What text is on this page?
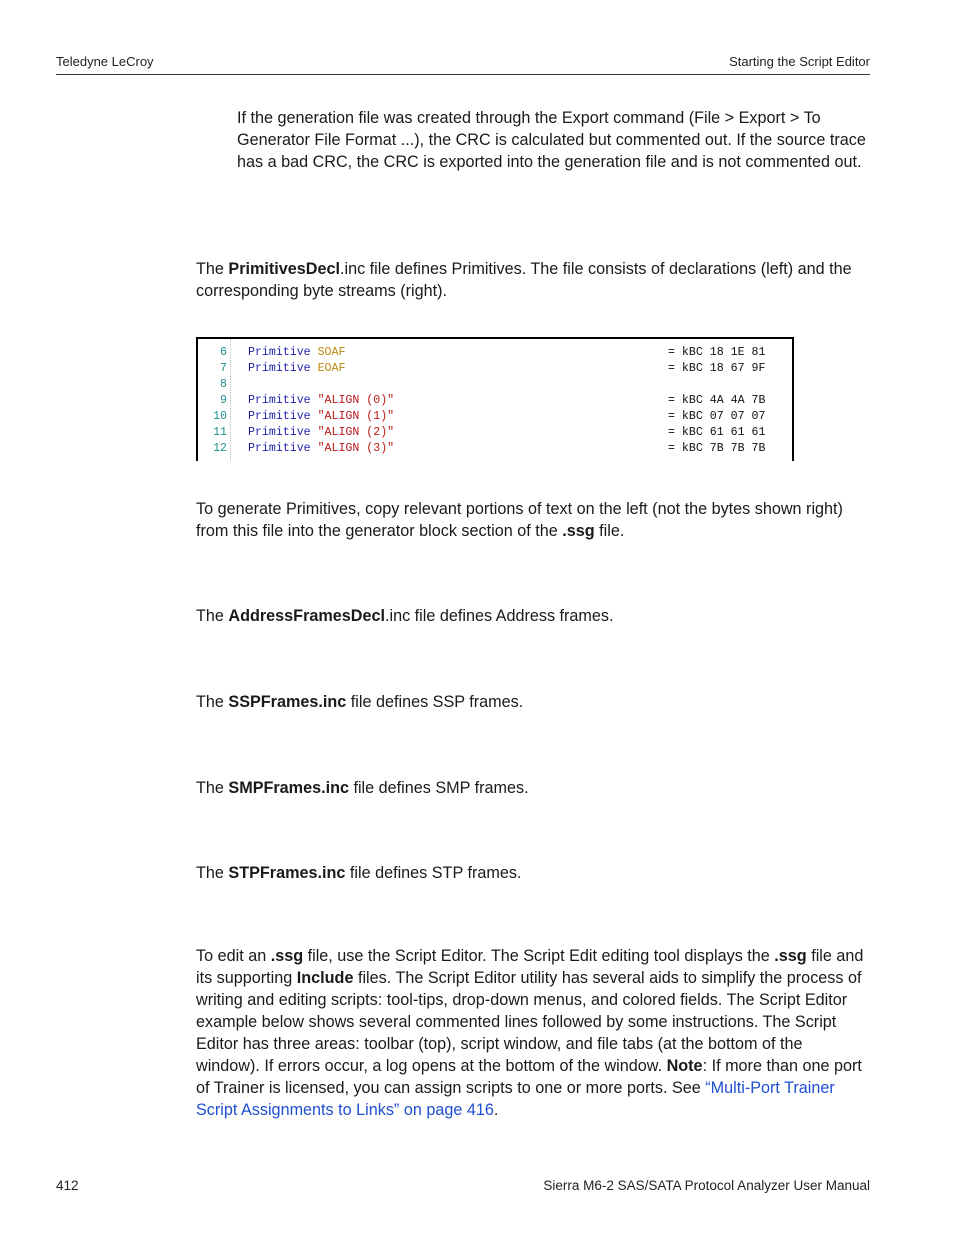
Teledyne LeCroy	Starting the Script Editor

If the generation file was created through the Export command (File > Export > To Generator File Format ...), the CRC is calculated but commented out. If the source trace has a bad CRC, the CRC is exported into the generation file and is not commented out.

The PrimitivesDecl.inc file defines Primitives. The file consists of declarations (left) and the corresponding byte streams (right).

6 Primitive SOAF	= kBC 18 1E 81
7 Primitive EOAF	= kBC 18 67 9F
8
9 Primitive "ALIGN (0)"	= kBC 4A 4A 7B
10 Primitive "ALIGN (1)"	= kBC 07 07 07
11 Primitive "ALIGN (2)"	= kBC 61 61 61
12 Primitive "ALIGN (3)"	= kBC 7B 7B 7B

To generate Primitives, copy relevant portions of text on the left (not the bytes shown right) from this file into the generator block section of the .ssg file.

The AddressFramesDecl.inc file defines Address frames.

The SSPFrames.inc file defines SSP frames.

The SMPFrames.inc file defines SMP frames.

The STPFrames.inc file defines STP frames.

To edit an .ssg file, use the Script Editor. The Script Edit editing tool displays the .ssg file and its supporting Include files. The Script Editor utility has several aids to simplify the process of writing and editing scripts: tool-tips, drop-down menus, and colored fields. The Script Editor example below shows several commented lines followed by some instructions. The Script Editor has three areas: toolbar (top), script window, and file tabs (at the bottom of the window). If errors occur, a log opens at the bottom of the window. Note: If more than one port of Trainer is licensed, you can assign scripts to one or more ports. See “Multi-Port Trainer Script Assignments to Links” on page 416.

412	Sierra M6-2 SAS/SATA Protocol Analyzer User Manual
